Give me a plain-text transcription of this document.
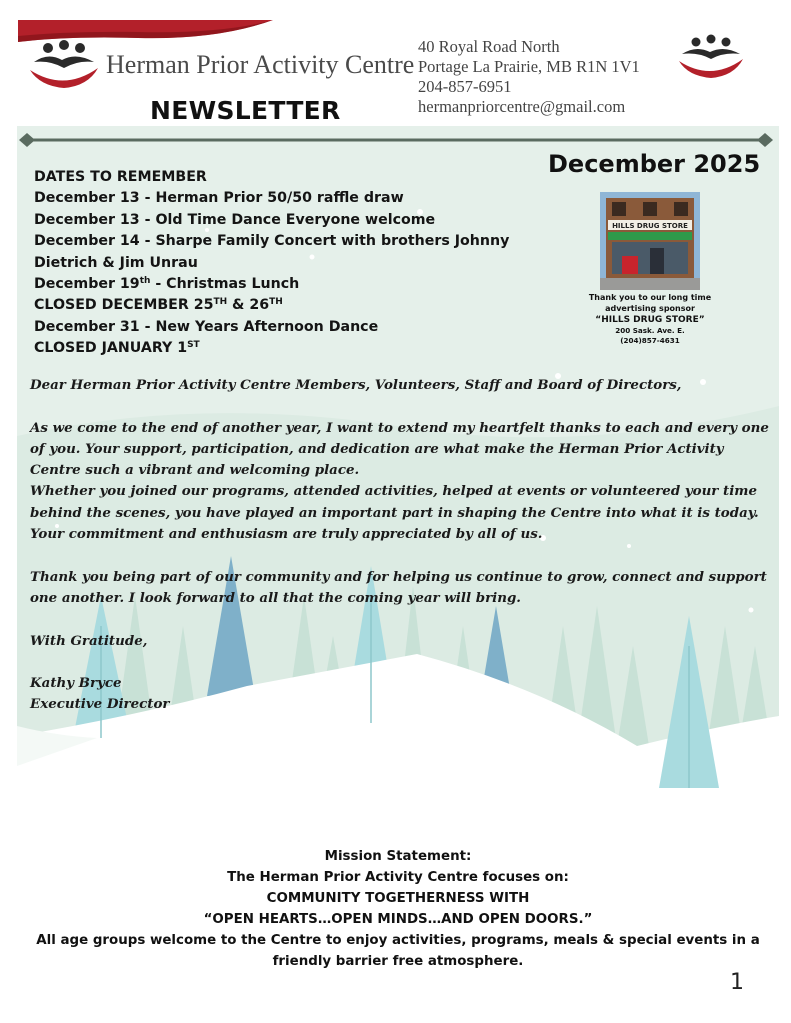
Herman Prior Activity Centre
NEWSLETTER
40 Royal Road North
Portage La Prairie, MB R1N 1V1
204-857-6951
hermanpriorcentre@gmail.com
December 2025
DATES TO REMEMBER
December 13 - Herman Prior 50/50 raffle draw
December 13 - Old Time Dance Everyone welcome
December 14 - Sharpe Family Concert with brothers Johnny
Dietrich & Jim Unrau
December 19th - Christmas Lunch
CLOSED DECEMBER 25TH & 26TH
December 31 - New Years Afternoon Dance
CLOSED JANUARY 1ST
HILLS DRUG STORE
Thank you to our long time
advertising sponsor
“HILLS DRUG STORE”
200 Sask. Ave. E.
(204)857-4631

Dear Herman Prior Activity Centre Members, Volunteers, Staff and Board of Directors,

As we come to the end of another year, I want to extend my heartfelt thanks to each and every one of you. Your support, participation, and dedication are what make the Herman Prior Activity Centre such a vibrant and welcoming place.

Whether you joined our programs, attended activities, helped at events or volunteered your time behind the scenes, you have played an important part in shaping the Centre into what it is today. Your commitment and enthusiasm are truly appreciated by all of us.

Thank you being part of our community and for helping us continue to grow, connect and support one another. I look forward to all that the coming year will bring.

With Gratitude,

Kathy Bryce

Executive Director

Mission Statement:
The Herman Prior Activity Centre focuses on:
COMMUNITY TOGETHERNESS WITH
“OPEN HEARTS…OPEN MINDS…AND OPEN DOORS.”
All age groups welcome to the Centre to enjoy activities, programs, meals & special events in a friendly barrier free atmosphere.
1
